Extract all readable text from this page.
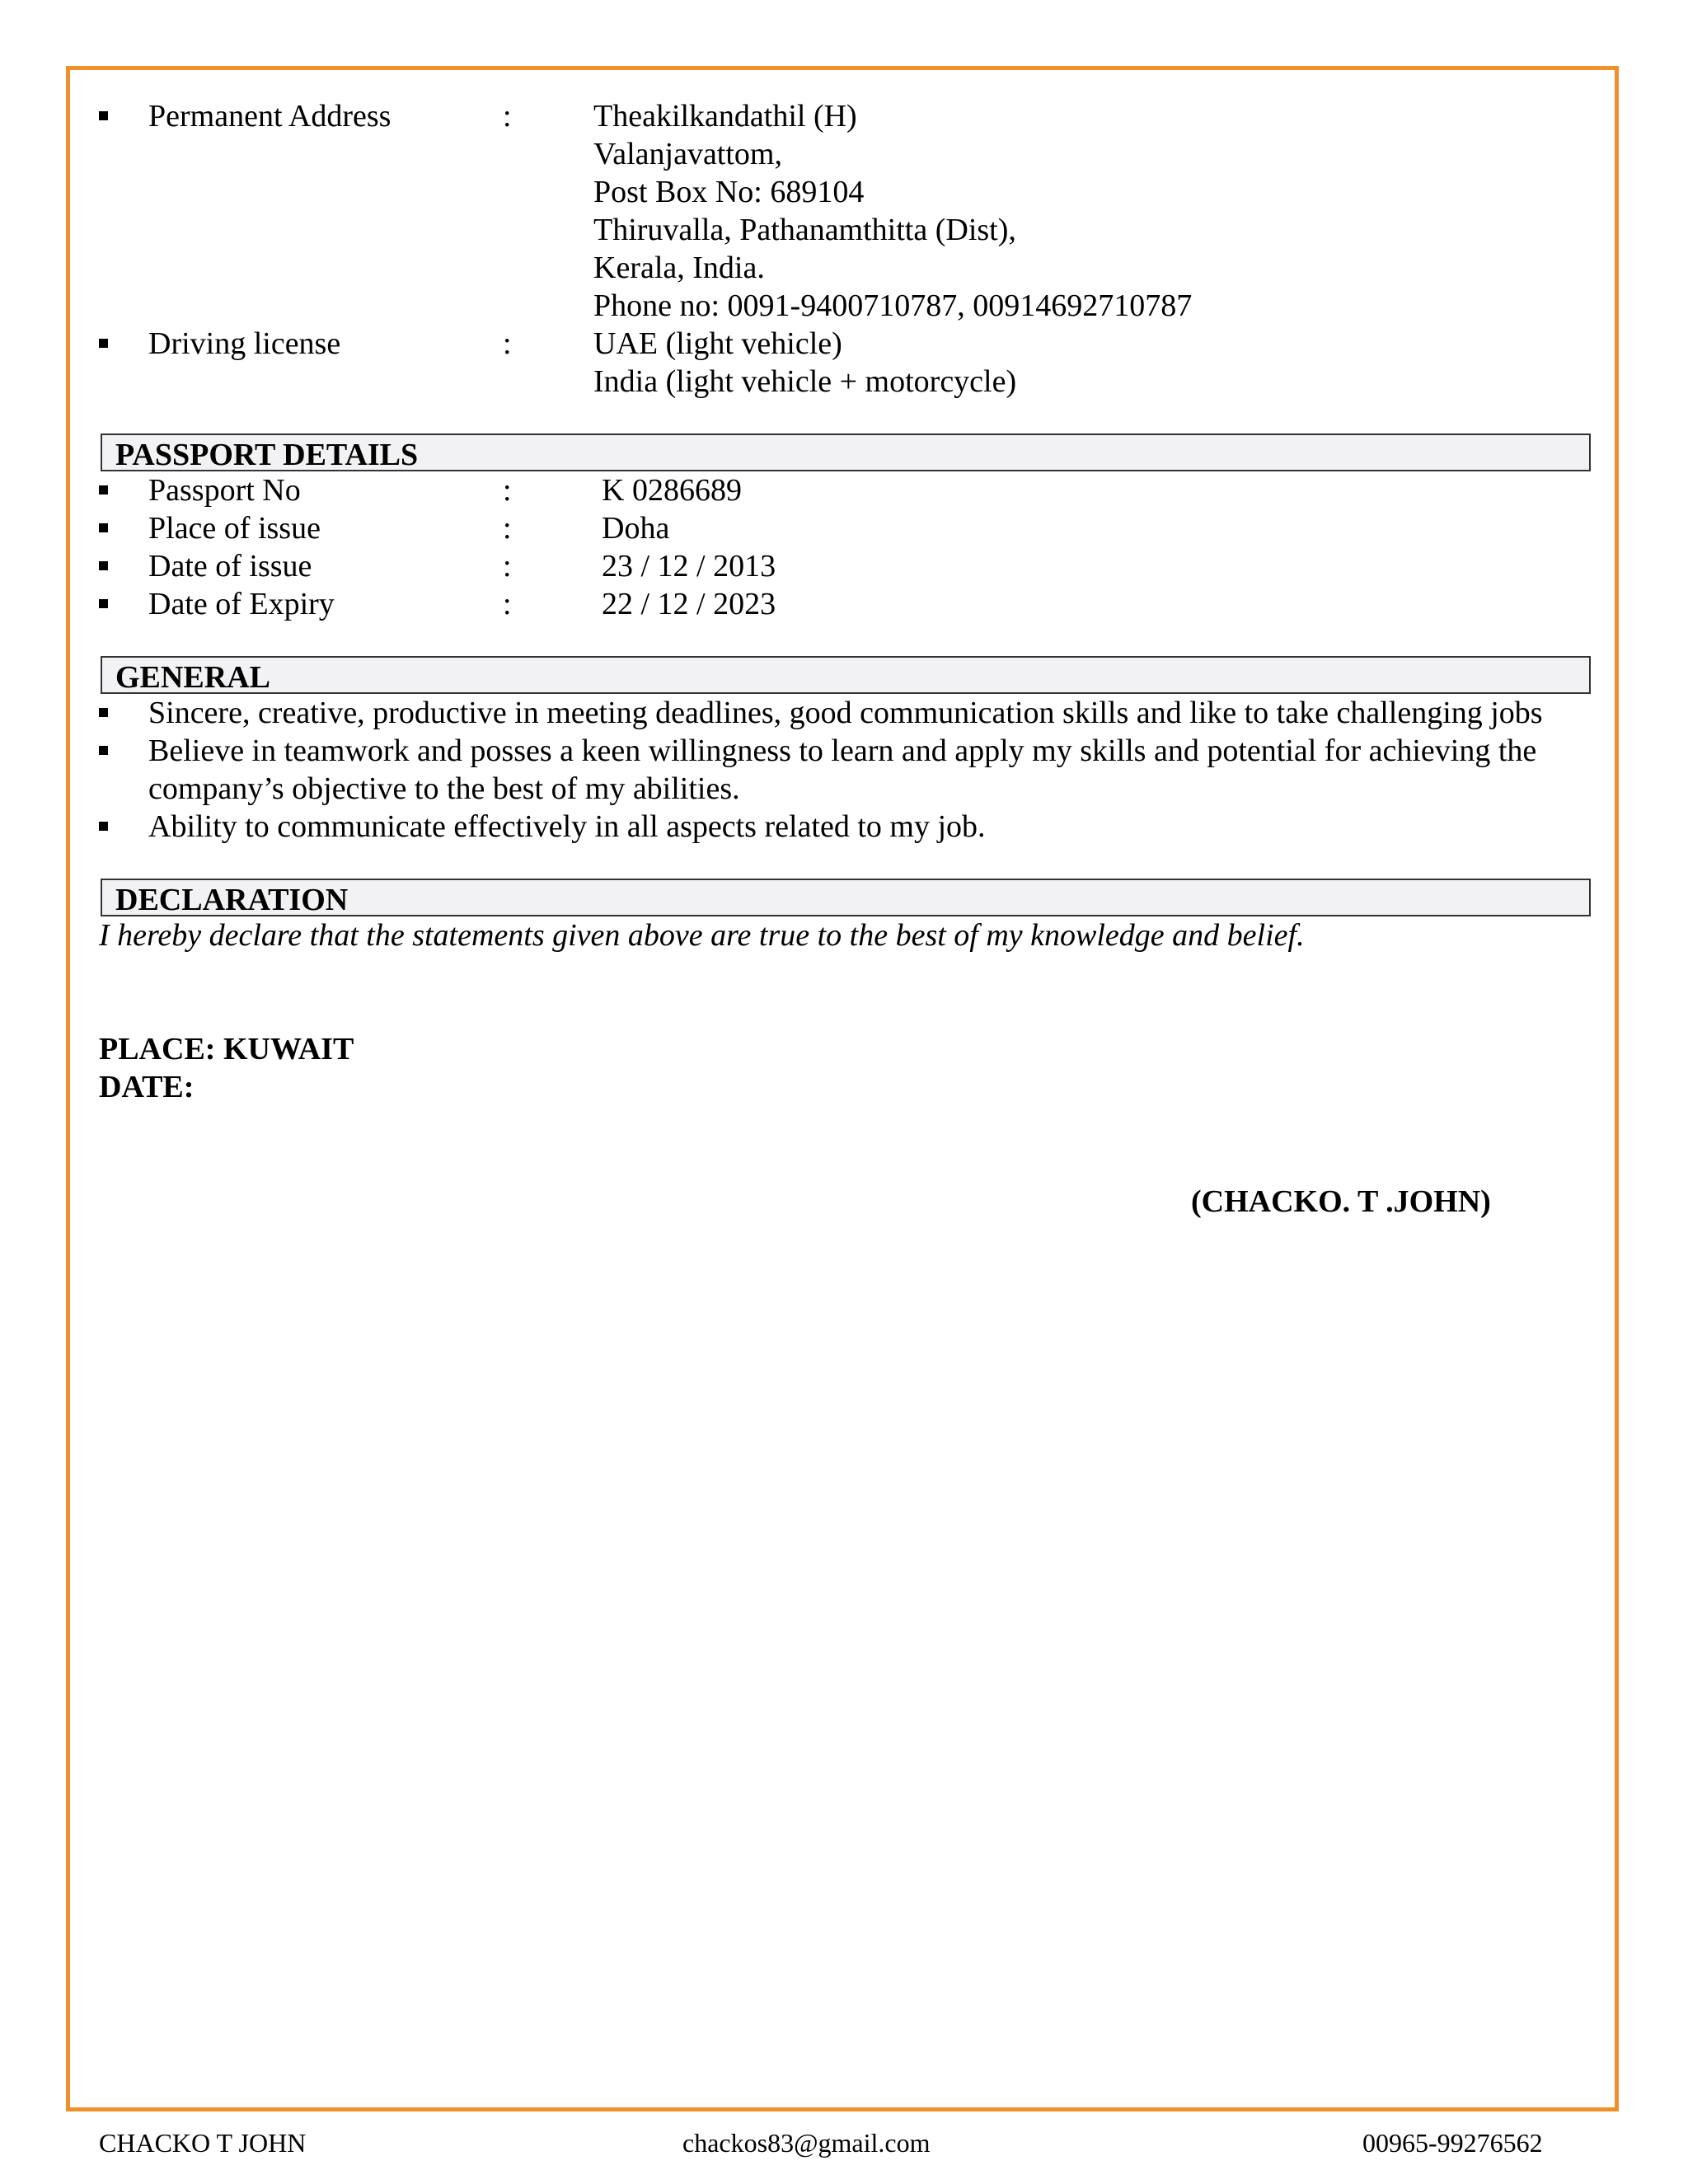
Permanent Address	:	Theakilkandathil (H)
Valanjavattom,
Post Box No: 689104
Thiruvalla, Pathanamthitta (Dist),
Kerala, India.
Phone no: 0091-9400710787, 00914692710787
Driving license	:	UAE (light vehicle)
India (light vehicle + motorcycle)
PASSPORT DETAILS
Passport No	:	K 0286689
Place of issue	:	Doha
Date of issue	:	23 / 12 / 2013
Date of Expiry	:	22 / 12 / 2023
GENERAL
Sincere, creative, productive in meeting deadlines, good communication skills and like to take challenging jobs
Believe in teamwork and posses a keen willingness to learn and apply my skills and potential for achieving the company’s objective to the best of my abilities.
Ability to communicate effectively in all aspects related to my job.
DECLARATION
I hereby declare that the statements given above are true to the best of my knowledge and belief.
PLACE: KUWAIT
DATE:
(CHACKO. T .JOHN)
CHACKO T JOHN	chackos83@gmail.com	00965-99276562
